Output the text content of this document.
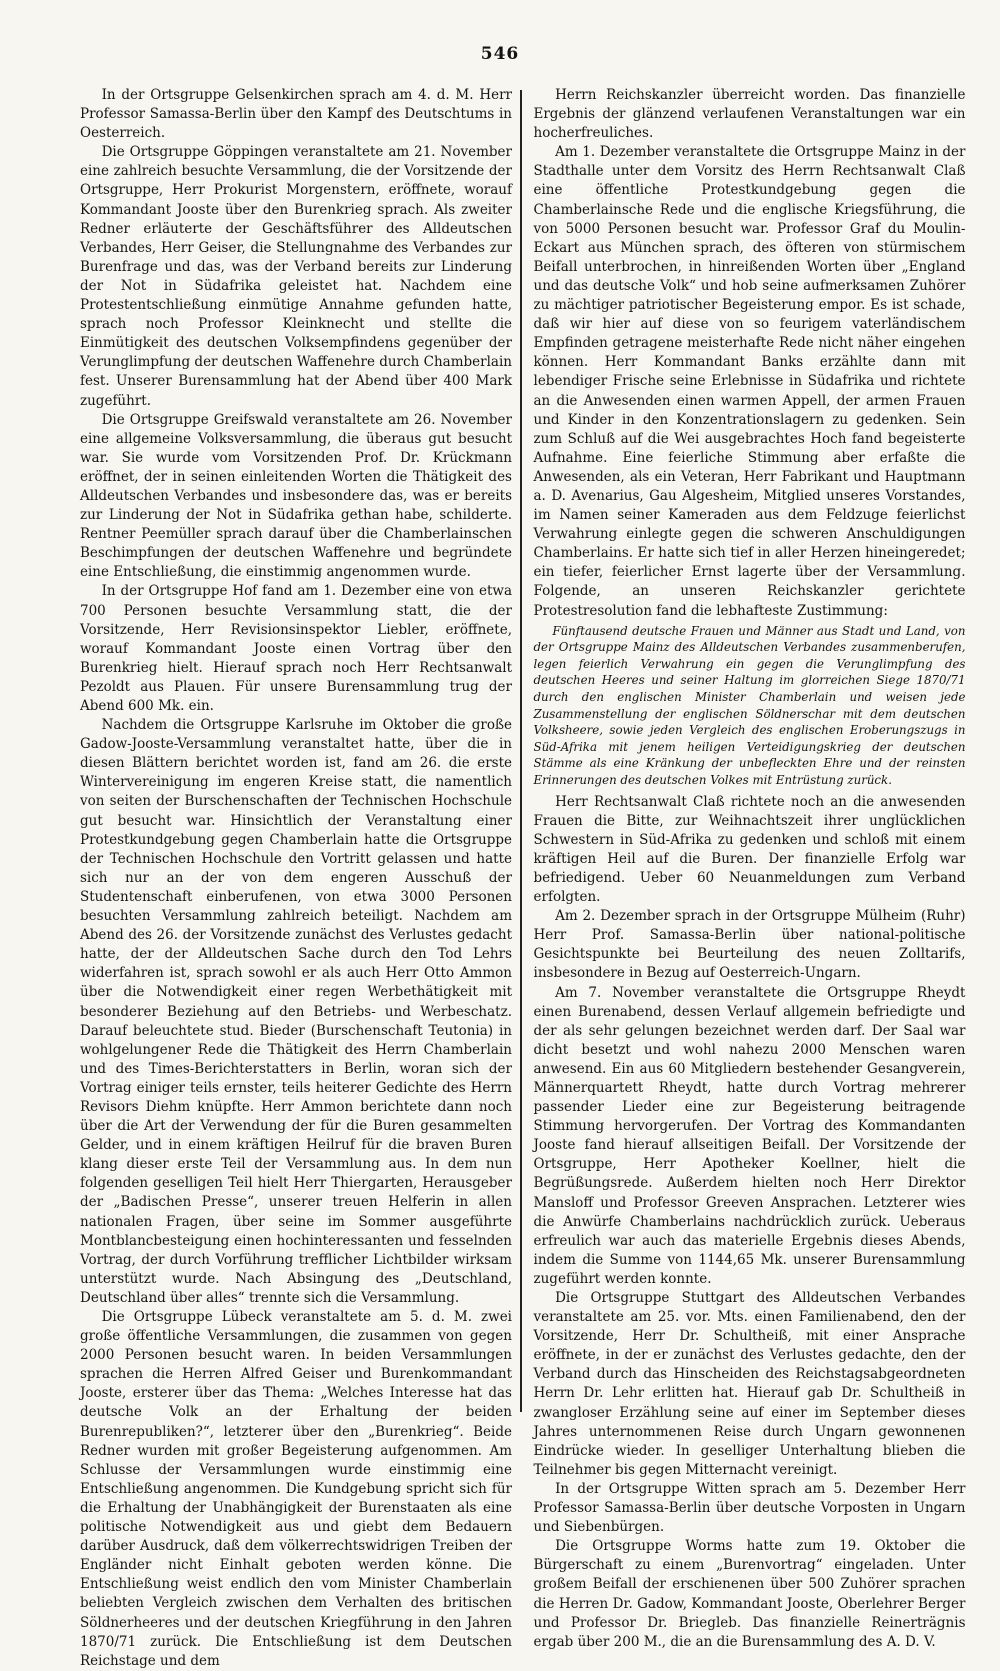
546

In der Ortsgruppe Gelsenkirchen sprach am 4. d. M. Herr Professor Samassa-Berlin über den Kampf des Deutschtums in Oesterreich.

Die Ortsgruppe Göppingen veranstaltete am 21. November eine zahlreich besuchte Versammlung, die der Vorsitzende der Ortsgruppe, Herr Prokurist Morgenstern, eröffnete, worauf Kommandant Jooste über den Burenkrieg sprach. Als zweiter Redner erläuterte der Geschäftsführer des Alldeutschen Verbandes, Herr Geiser, die Stellungnahme des Verbandes zur Burenfrage und das, was der Verband bereits zur Linderung der Not in Südafrika geleistet hat. Nachdem eine Protestentschließung einmütige Annahme gefunden hatte, sprach noch Professor Kleinknecht und stellte die Einmütigkeit des deutschen Volksempfindens gegenüber der Verunglimpfung der deutschen Waffenehre durch Chamberlain fest. Unserer Burensammlung hat der Abend über 400 Mark zugeführt.

Die Ortsgruppe Greifswald veranstaltete am 26. November eine allgemeine Volksversammlung, die überaus gut besucht war. Sie wurde vom Vorsitzenden Prof. Dr. Krückmann eröffnet, der in seinen einleitenden Worten die Thätigkeit des Alldeutschen Verbandes und insbesondere das, was er bereits zur Linderung der Not in Südafrika gethan habe, schilderte. Rentner Peemüller sprach darauf über die Chamberlainschen Beschimpfungen der deutschen Waffenehre und begründete eine Entschließung, die einstimmig angenommen wurde.

In der Ortsgruppe Hof fand am 1. Dezember eine von etwa 700 Personen besuchte Versammlung statt, die der Vorsitzende, Herr Revisionsinspektor Liebler, eröffnete, worauf Kommandant Jooste einen Vortrag über den Burenkrieg hielt. Hierauf sprach noch Herr Rechtsanwalt Pezoldt aus Plauen. Für unsere Burensammlung trug der Abend 600 Mk. ein.

Nachdem die Ortsgruppe Karlsruhe im Oktober die große Gadow-Jooste-Versammlung veranstaltet hatte, über die in diesen Blättern berichtet worden ist, fand am 26. die erste Wintervereinigung im engeren Kreise statt, die namentlich von seiten der Burschenschaften der Technischen Hochschule gut besucht war. Hinsichtlich der Veranstaltung einer Protestkundgebung gegen Chamberlain hatte die Ortsgruppe der Technischen Hochschule den Vortritt gelassen und hatte sich nur an der von dem engeren Ausschuß der Studentenschaft einberufenen, von etwa 3000 Personen besuchten Versammlung zahlreich beteiligt. Nachdem am Abend des 26. der Vorsitzende zunächst des Verlustes gedacht hatte, der der Alldeutschen Sache durch den Tod Lehrs widerfahren ist, sprach sowohl er als auch Herr Otto Ammon über die Notwendigkeit einer regen Werbethätigkeit mit besonderer Beziehung auf den Betriebs- und Werbeschatz. Darauf beleuchtete stud. Bieder (Burschenschaft Teutonia) in wohlgelungener Rede die Thätigkeit des Herrn Chamberlain und des Times-Berichterstatters in Berlin, woran sich der Vortrag einiger teils ernster, teils heiterer Gedichte des Herrn Revisors Diehm knüpfte. Herr Ammon berichtete dann noch über die Art der Verwendung der für die Buren gesammelten Gelder, und in einem kräftigen Heilruf für die braven Buren klang dieser erste Teil der Versammlung aus. In dem nun folgenden geselligen Teil hielt Herr Thiergarten, Herausgeber der „Badischen Presse“, unserer treuen Helferin in allen nationalen Fragen, über seine im Sommer ausgeführte Montblancbesteigung einen hochinteressanten und fesselnden Vortrag, der durch Vorführung trefflicher Lichtbilder wirksam unterstützt wurde. Nach Absingung des „Deutschland, Deutschland über alles“ trennte sich die Versammlung.

Die Ortsgruppe Lübeck veranstaltete am 5. d. M. zwei große öffentliche Versammlungen, die zusammen von gegen 2000 Personen besucht waren. In beiden Versammlungen sprachen die Herren Alfred Geiser und Burenkommandant Jooste, ersterer über das Thema: „Welches Interesse hat das deutsche Volk an der Erhaltung der beiden Burenrepubliken?“, letzterer über den „Burenkrieg“. Beide Redner wurden mit großer Begeisterung aufgenommen. Am Schlusse der Versammlungen wurde einstimmig eine Entschließung angenommen. Die Kundgebung spricht sich für die Erhaltung der Unabhängigkeit der Burenstaaten als eine politische Notwendigkeit aus und giebt dem Bedauern darüber Ausdruck, daß dem völkerrechtswidrigen Treiben der Engländer nicht Einhalt geboten werden könne. Die Entschließung weist endlich den vom Minister Chamberlain beliebten Vergleich zwischen dem Verhalten des britischen Söldnerheeres und der deutschen Kriegführung in den Jahren 1870/71 zurück. Die Entschließung ist dem Deutschen Reichstage und dem

Herrn Reichskanzler überreicht worden. Das finanzielle Ergebnis der glänzend verlaufenen Veranstaltungen war ein hocherfreuliches.

Am 1. Dezember veranstaltete die Ortsgruppe Mainz in der Stadthalle unter dem Vorsitz des Herrn Rechtsanwalt Claß eine öffentliche Protestkundgebung gegen die Chamberlainsche Rede und die englische Kriegsführung, die von 5000 Personen besucht war. Professor Graf du Moulin-Eckart aus München sprach, des öfteren von stürmischem Beifall unterbrochen, in hinreißenden Worten über „England und das deutsche Volk“ und hob seine aufmerksamen Zuhörer zu mächtiger patriotischer Begeisterung empor. Es ist schade, daß wir hier auf diese von so feurigem vaterländischem Empfinden getragene meisterhafte Rede nicht näher eingehen können. Herr Kommandant Banks erzählte dann mit lebendiger Frische seine Erlebnisse in Südafrika und richtete an die Anwesenden einen warmen Appell, der armen Frauen und Kinder in den Konzentrationslagern zu gedenken. Sein zum Schluß auf die Wei ausgebrachtes Hoch fand begeisterte Aufnahme. Eine feierliche Stimmung aber erfaßte die Anwesenden, als ein Veteran, Herr Fabrikant und Hauptmann a. D. Avenarius, Gau Algesheim, Mitglied unseres Vorstandes, im Namen seiner Kameraden aus dem Feldzuge feierlichst Verwahrung einlegte gegen die schweren Anschuldigungen Chamberlains. Er hatte sich tief in aller Herzen hineingeredet; ein tiefer, feierlicher Ernst lagerte über der Versammlung. Folgende, an unseren Reichskanzler gerichtete Protestresolution fand die lebhafteste Zustimmung:

Fünftausend deutsche Frauen und Männer aus Stadt und Land, von der Ortsgruppe Mainz des Alldeutschen Verbandes zusammenberufen, legen feierlich Verwahrung ein gegen die Verunglimpfung des deutschen Heeres und seiner Haltung im glorreichen Siege 1870/71 durch den englischen Minister Chamberlain und weisen jede Zusammenstellung der englischen Söldnerschar mit dem deutschen Volksheere, sowie jeden Vergleich des englischen Eroberungszugs in Süd-Afrika mit jenem heiligen Verteidigungskrieg der deutschen Stämme als eine Kränkung der unbefleckten Ehre und der reinsten Erinnerungen des deutschen Volkes mit Entrüstung zurück.

Herr Rechtsanwalt Claß richtete noch an die anwesenden Frauen die Bitte, zur Weihnachtszeit ihrer unglücklichen Schwestern in Süd-Afrika zu gedenken und schloß mit einem kräftigen Heil auf die Buren. Der finanzielle Erfolg war befriedigend. Ueber 60 Neuanmeldungen zum Verband erfolgten.

Am 2. Dezember sprach in der Ortsgruppe Mülheim (Ruhr) Herr Prof. Samassa-Berlin über national-politische Gesichtspunkte bei Beurteilung des neuen Zolltarifs, insbesondere in Bezug auf Oesterreich-Ungarn.

Am 7. November veranstaltete die Ortsgruppe Rheydt einen Burenabend, dessen Verlauf allgemein befriedigte und der als sehr gelungen bezeichnet werden darf. Der Saal war dicht besetzt und wohl nahezu 2000 Menschen waren anwesend. Ein aus 60 Mitgliedern bestehender Gesangverein, Männerquartett Rheydt, hatte durch Vortrag mehrerer passender Lieder eine zur Begeisterung beitragende Stimmung hervorgerufen. Der Vortrag des Kommandanten Jooste fand hierauf allseitigen Beifall. Der Vorsitzende der Ortsgruppe, Herr Apotheker Koellner, hielt die Begrüßungsrede. Außerdem hielten noch Herr Direktor Mansloff und Professor Greeven Ansprachen. Letzterer wies die Anwürfe Chamberlains nachdrücklich zurück. Ueberaus erfreulich war auch das materielle Ergebnis dieses Abends, indem die Summe von 1144,65 Mk. unserer Burensammlung zugeführt werden konnte.

Die Ortsgruppe Stuttgart des Alldeutschen Verbandes veranstaltete am 25. vor. Mts. einen Familienabend, den der Vorsitzende, Herr Dr. Schultheiß, mit einer Ansprache eröffnete, in der er zunächst des Verlustes gedachte, den der Verband durch das Hinscheiden des Reichstagsabgeordneten Herrn Dr. Lehr erlitten hat. Hierauf gab Dr. Schultheiß in zwangloser Erzählung seine auf einer im September dieses Jahres unternommenen Reise durch Ungarn gewonnenen Eindrücke wieder. In geselliger Unterhaltung blieben die Teilnehmer bis gegen Mitternacht vereinigt.

In der Ortsgruppe Witten sprach am 5. Dezember Herr Professor Samassa-Berlin über deutsche Vorposten in Ungarn und Siebenbürgen.

Die Ortsgruppe Worms hatte zum 19. Oktober die Bürgerschaft zu einem „Burenvortrag“ eingeladen. Unter großem Beifall der erschienenen über 500 Zuhörer sprachen die Herren Dr. Gadow, Kommandant Jooste, Oberlehrer Berger und Professor Dr. Briegleb. Das finanzielle Reinerträgnis ergab über 200 M., die an die Burensammlung des A. D. V.
